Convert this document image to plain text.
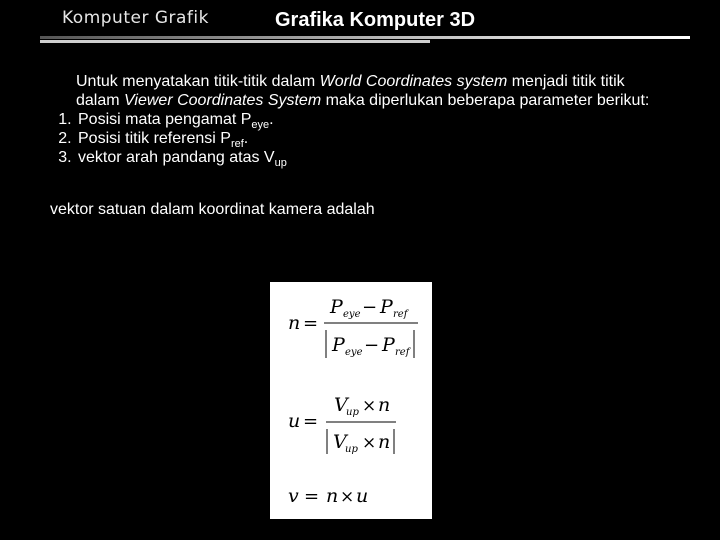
Komputer Grafik	Grafika Komputer 3D
Untuk menyatakan titik-titik dalam World Coordinates system menjadi titik titik dalam Viewer Coordinates System maka diperlukan beberapa parameter berikut:
1. Posisi mata pengamat $P_{eye}$.
2. Posisi titik referensi $P_{ref}$.
3. vektor arah pandang atas $V_{up}$
vektor satuan dalam koordinat kamera adalah
n =
P eye − P ref
P eye − P ref
u =
V
up × n
V
up × n
v = n × u
